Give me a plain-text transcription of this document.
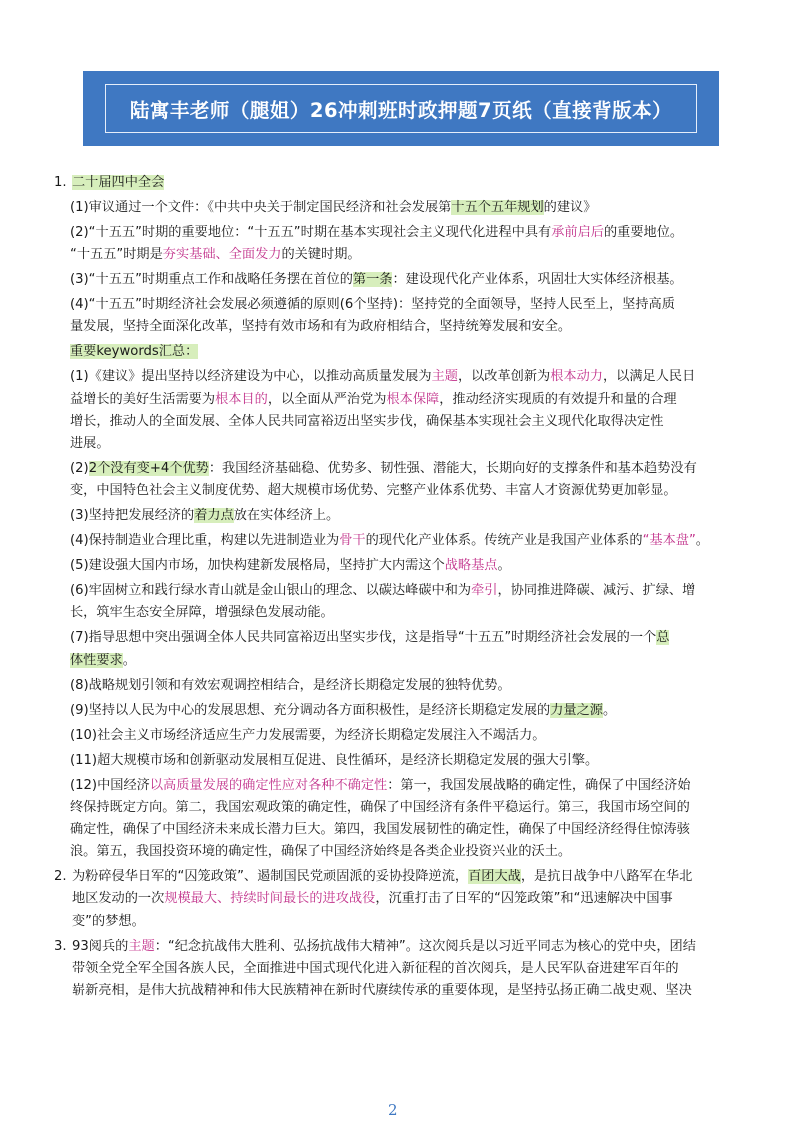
陆寓丰老师（腿姐）26冲刺班时政押题7页纸（直接背版本）
1. 二十届四中全会
(1)审议通过一个文件：《中共中央关于制定国民经济和社会发展第十五个五年规划的建议》
(2)“十五五”时期的重要地位：“十五五”时期在基本实现社会主义现代化进程中具有承前启后的重要地位。
“十五五”时期是夯实基础、全面发力的关键时期。
(3)“十五五”时期重点工作和战略任务摆在首位的第一条：建设现代化产业体系，巩固壮大实体经济根基。
(4)“十五五”时期经济社会发展必须遵循的原则(6个坚持)：坚持党的全面领导，坚持人民至上，坚持高质
量发展，坚持全面深化改革，坚持有效市场和有为政府相结合，坚持统筹发展和安全。
重要keywords汇总：
(1)《建议》提出坚持以经济建设为中心，以推动高质量发展为主题，以改革创新为根本动力，以满足人民日
益增长的美好生活需要为根本目的，以全面从严治党为根本保障，推动经济实现质的有效提升和量的合理
增长，推动人的全面发展、全体人民共同富裕迈出坚实步伐，确保基本实现社会主义现代化取得决定性
进展。
(2)2个没有变+4个优势：我国经济基础稳、优势多、韧性强、潜能大，长期向好的支撑条件和基本趋势没有
变，中国特色社会主义制度优势、超大规模市场优势、完整产业体系优势、丰富人才资源优势更加彰显。
(3)坚持把发展经济的着力点放在实体经济上。
(4)保持制造业合理比重，构建以先进制造业为骨干的现代化产业体系。传统产业是我国产业体系的“基本盘”。
(5)建设强大国内市场，加快构建新发展格局，坚持扩大内需这个战略基点。
(6)牢固树立和践行绿水青山就是金山银山的理念、以碳达峰碳中和为牵引，协同推进降碳、减污、扩绿、增
长，筑牢生态安全屏障，增强绿色发展动能。
(7)指导思想中突出强调全体人民共同富裕迈出坚实步伐，这是指导“十五五”时期经济社会发展的一个总
体性要求。
(8)战略规划引领和有效宏观调控相结合，是经济长期稳定发展的独特优势。
(9)坚持以人民为中心的发展思想、充分调动各方面积极性，是经济长期稳定发展的力量之源。
(10)社会主义市场经济适应生产力发展需要，为经济长期稳定发展注入不竭活力。
(11)超大规模市场和创新驱动发展相互促进、良性循环，是经济长期稳定发展的强大引擎。
(12)中国经济以高质量发展的确定性应对各种不确定性：第一，我国发展战略的确定性，确保了中国经济始
终保持既定方向。第二，我国宏观政策的确定性，确保了中国经济有条件平稳运行。第三，我国市场空间的
确定性，确保了中国经济未来成长潜力巨大。第四，我国发展韧性的确定性，确保了中国经济经得住惊涛骇
浪。第五，我国投资环境的确定性，确保了中国经济始终是各类企业投资兴业的沃土。
2. 为粉碎侵华日军的“囚笼政策”、遏制国民党顽固派的妥协投降逆流，百团大战，是抗日战争中八路军在华北
地区发动的一次规模最大、持续时间最长的进攻战役，沉重打击了日军的“囚笼政策”和“迅速解决中国事
变”的梦想。
3. 93阅兵的主题：“纪念抗战伟大胜利、弘扬抗战伟大精神”。这次阅兵是以习近平同志为核心的党中央，团结
带领全党全军全国各族人民，全面推进中国式现代化进入新征程的首次阅兵，是人民军队奋进建军百年的
崭新亮相，是伟大抗战精神和伟大民族精神在新时代赓续传承的重要体现，是坚持弘扬正确二战史观、坚决
2
